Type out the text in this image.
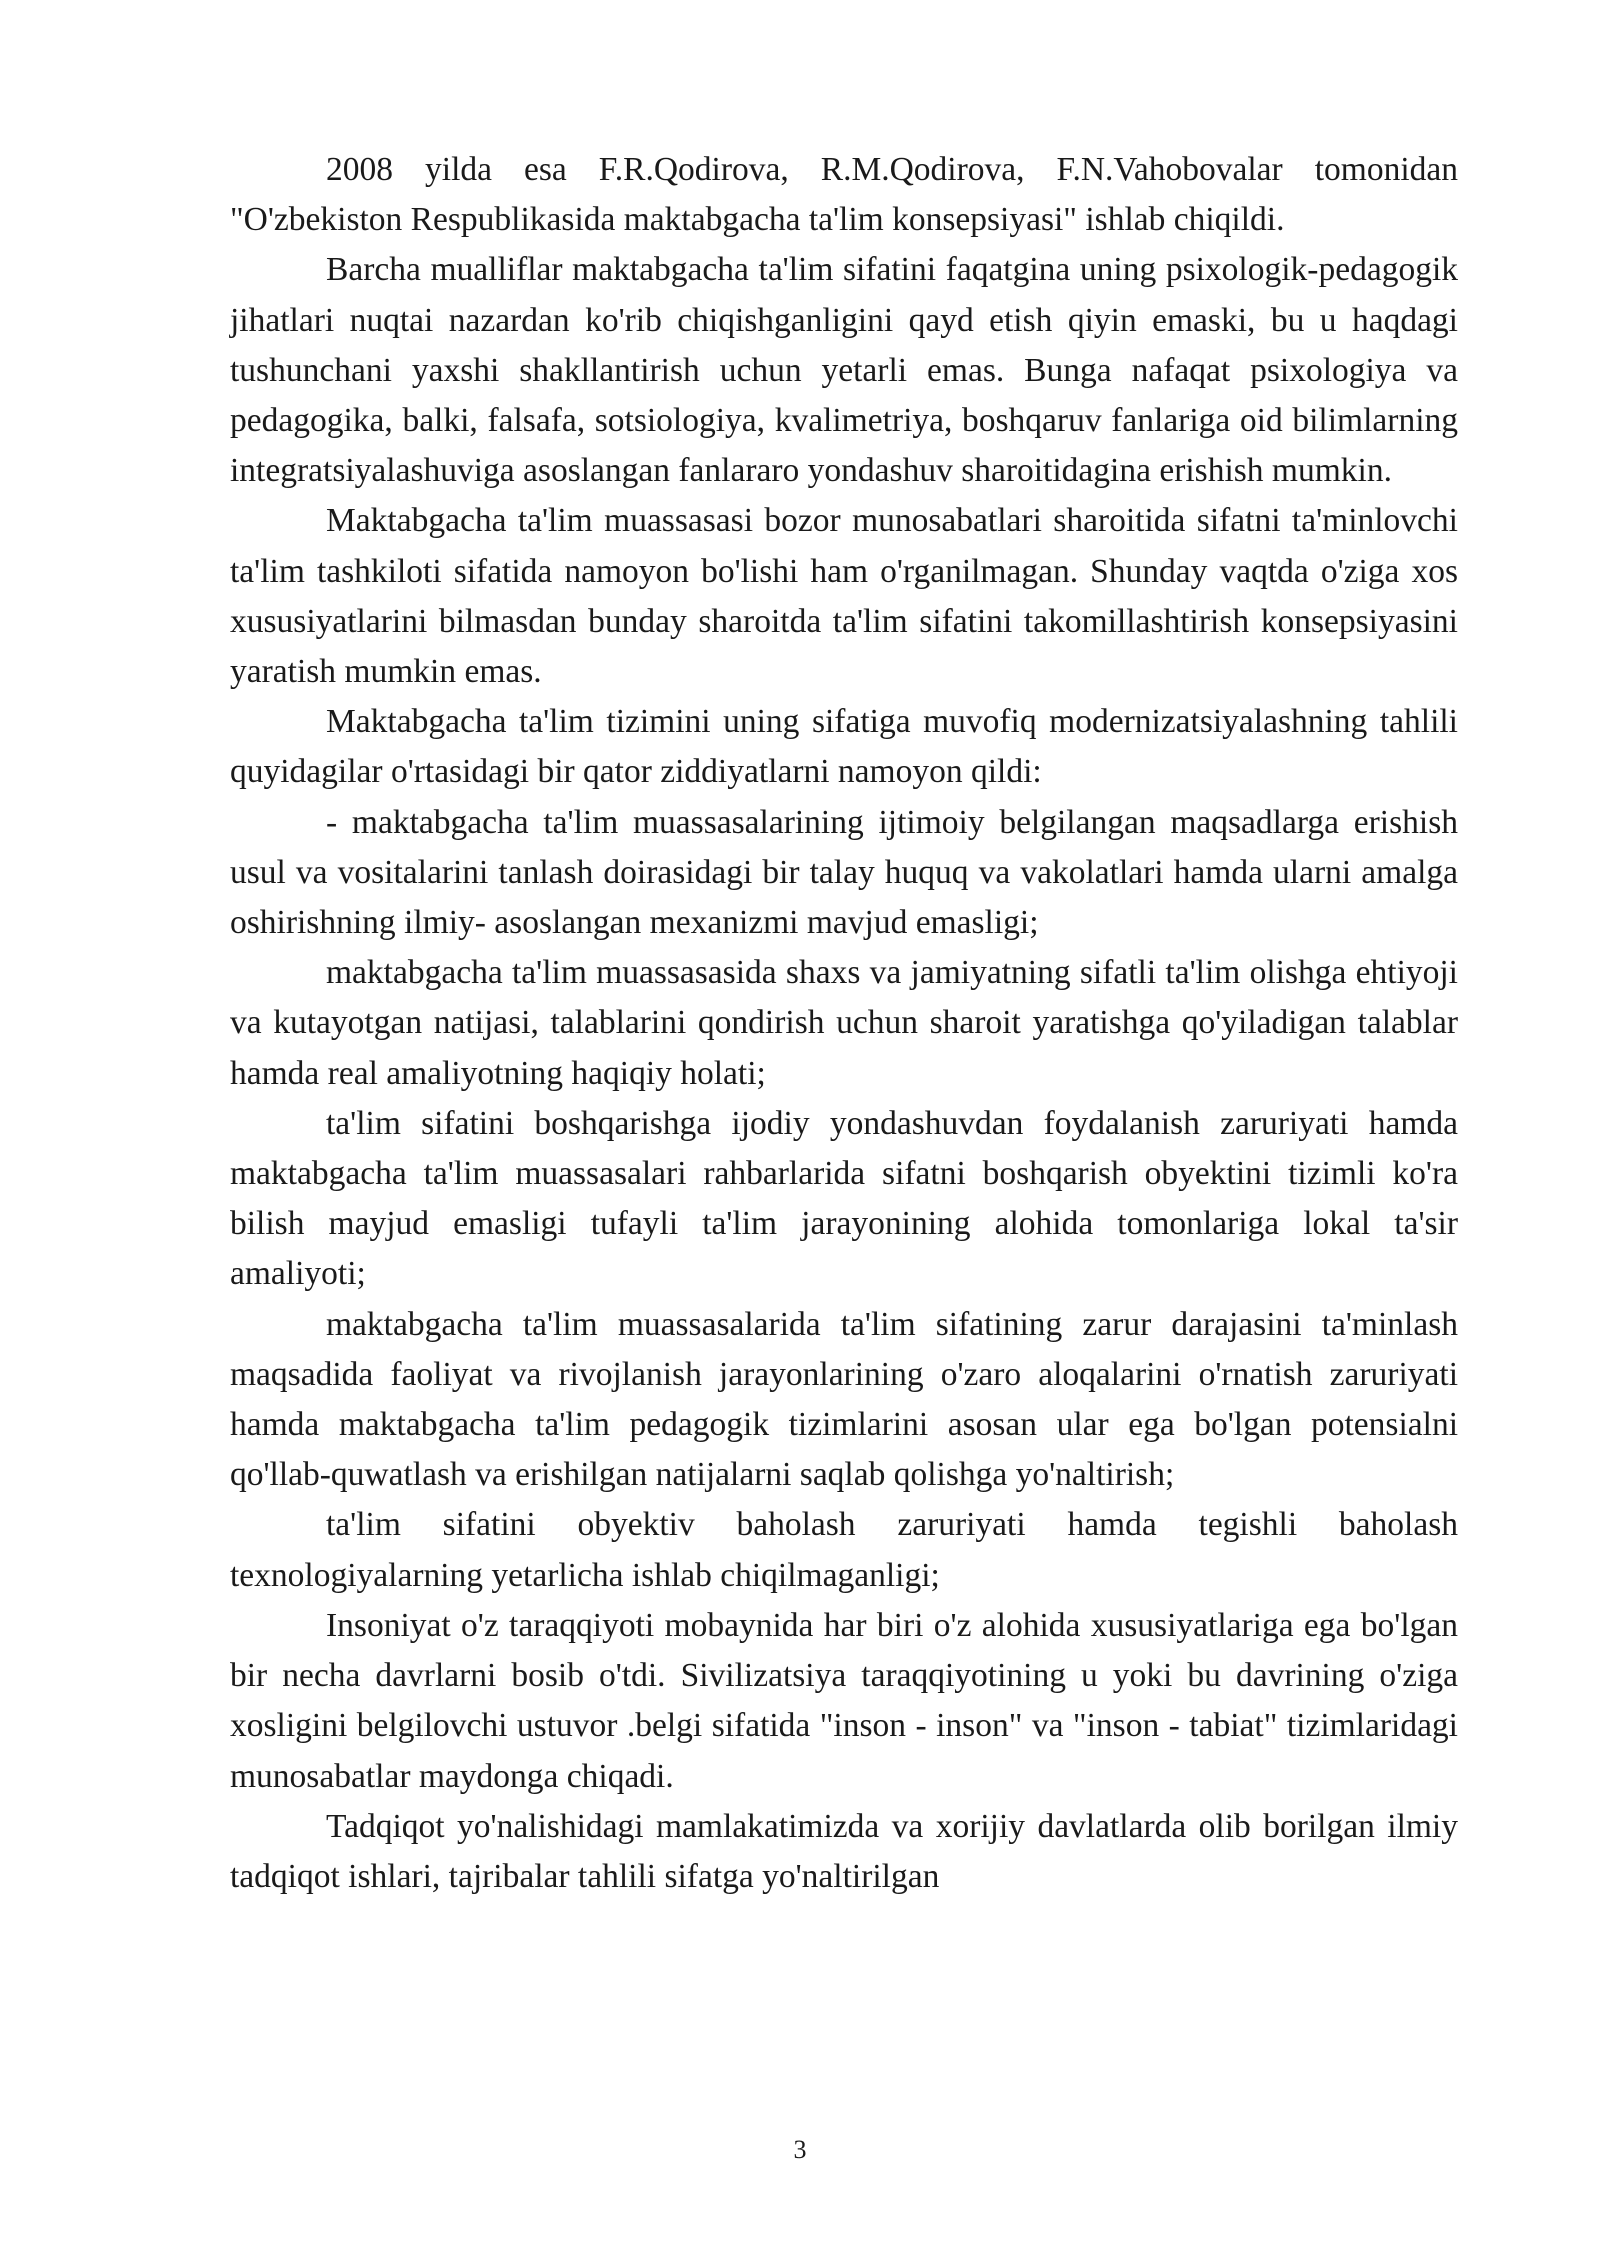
2008 yilda esa F.R.Qodirova, R.M.Qodirova, F.N.Vahobovalar tomonidan "O'zbekiston Respublikasida maktabgacha ta'lim konsepsiyasi" ishlab chiqildi.

Barcha mualliflar maktabgacha ta'lim sifatini faqatgina uning psixologik-pedagogik jihatlari nuqtai nazardan ko'rib chiqishganligini qayd etish qiyin emaski, bu u haqdagi tushunchani yaxshi shakllantirish uchun yetarli emas. Bunga nafaqat psixologiya va pedagogika, balki, falsafa, sotsiologiya, kvalimetriya, boshqaruv fanlariga oid bilimlarning integratsiyalashuviga asoslangan fanlararo yondashuv sharoitidagina erishish mumkin.

Maktabgacha ta'lim muassasasi bozor munosabatlari sharoitida sifatni ta'minlovchi ta'lim tashkiloti sifatida namoyon bo'lishi ham o'rganilmagan. Shunday vaqtda o'ziga xos xususiyatlarini bilmasdan bunday sharoitda ta'lim sifatini takomillashtirish konsepsiyasini yaratish mumkin emas.

Maktabgacha ta'lim tizimini uning sifatiga muvofiq modernizatsiyalashning tahlili quyidagilar o'rtasidagi bir qator ziddiyatlarni namoyon qildi:

- maktabgacha ta'lim muassasalarining ijtimoiy belgilangan maqsadlarga erishish usul va vositalarini tanlash doirasidagi bir talay huquq va vakolatlari hamda ularni amalga oshirishning ilmiy- asoslangan mexanizmi mavjud emasligi;

maktabgacha ta'lim muassasasida shaxs va jamiyatning sifatli ta'lim olishga ehtiyoji va kutayotgan natijasi, talablarini qondirish uchun sharoit yaratishga qo'yiladigan talablar hamda real amaliyotning haqiqiy holati;

ta'lim sifatini boshqarishga ijodiy yondashuvdan foydalanish zaruriyati hamda maktabgacha ta'lim muassasalari rahbarlarida sifatni boshqarish obyektini tizimli ko'ra bilish mayjud emasligi tufayli ta'lim jarayonining alohida tomonlariga lokal ta'sir amaliyoti;

maktabgacha ta'lim muassasalarida ta'lim sifatining zarur darajasini ta'minlash maqsadida faoliyat va rivojlanish jarayonlarining o'zaro aloqalarini o'rnatish zaruriyati hamda maktabgacha ta'lim pedagogik tizimlarini asosan ular ega bo'lgan potensialni qo'llab-quwatlash va erishilgan natijalarni saqlab qolishga yo'naltirish;

ta'lim sifatini obyektiv baholash zaruriyati hamda tegishli baholash texnologiyalarning yetarlicha ishlab chiqilmaganligi;

Insoniyat o'z taraqqiyoti mobaynida har biri o'z alohida xususiyatlariga ega bo'lgan bir necha davrlarni bosib o'tdi. Sivilizatsiya taraqqiyotining u yoki bu davrining o'ziga xosligini belgilovchi ustuvor .belgi sifatida "inson - inson" va "inson - tabiat" tizimlaridagi munosabatlar maydonga chiqadi.

Tadqiqot yo'nalishidagi mamlakatimizda va xorijiy davlatlarda olib borilgan ilmiy tadqiqot ishlari, tajribalar tahlili sifatga yo'naltirilgan

3
